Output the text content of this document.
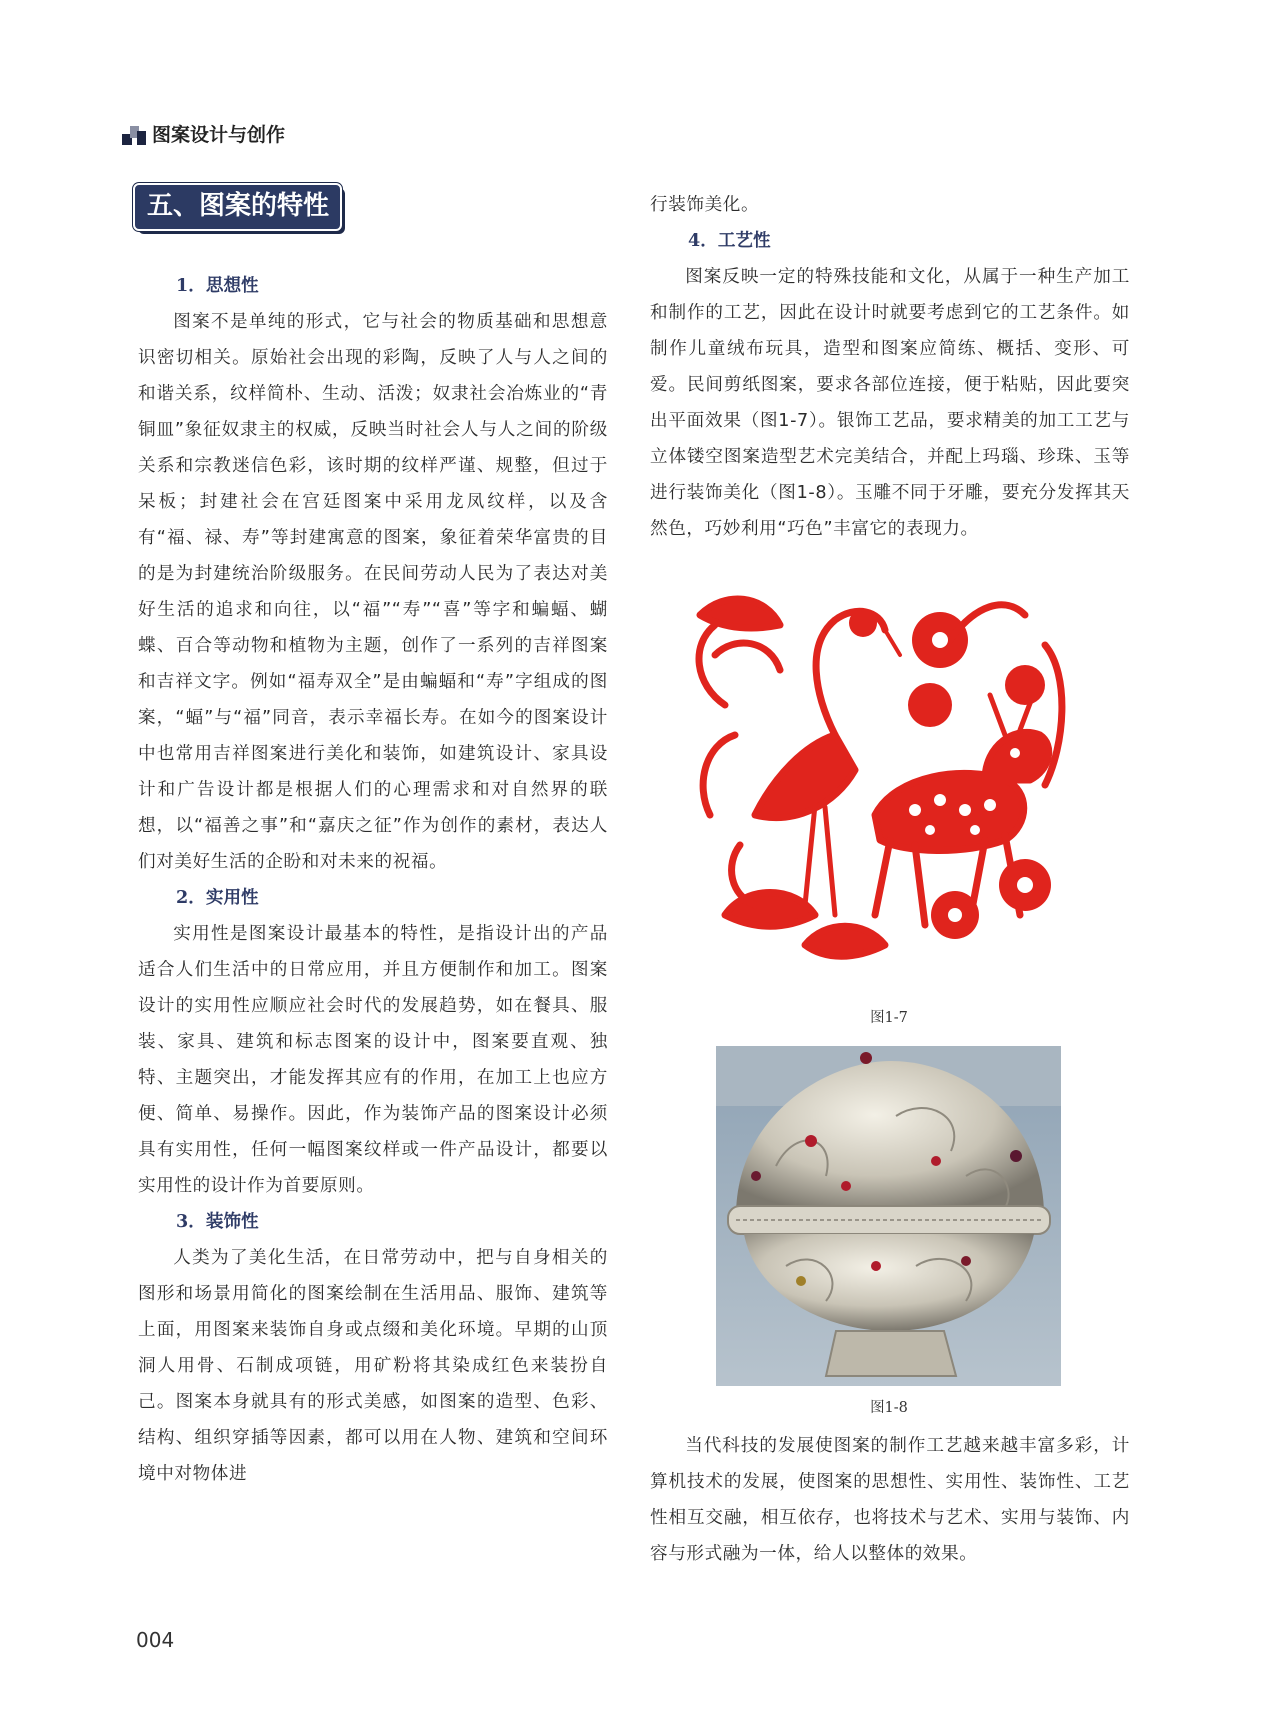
图案设计与创作
五、图案的特性
1．思想性

图案不是单纯的形式，它与社会的物质基础和思想意识密切相关。原始社会出现的彩陶，反映了人与人之间的和谐关系，纹样简朴、生动、活泼；奴隶社会冶炼业的“青铜皿”象征奴隶主的权威，反映当时社会人与人之间的阶级关系和宗教迷信色彩，该时期的纹样严谨、规整，但过于呆板；封建社会在宫廷图案中采用龙凤纹样，以及含有“福、禄、寿”等封建寓意的图案，象征着荣华富贵的目的是为封建统治阶级服务。在民间劳动人民为了表达对美好生活的追求和向往，以“福”“寿”“喜”等字和蝙蝠、蝴蝶、百合等动物和植物为主题，创作了一系列的吉祥图案和吉祥文字。例如“福寿双全”是由蝙蝠和“寿”字组成的图案，“蝠”与“福”同音，表示幸福长寿。在如今的图案设计中也常用吉祥图案进行美化和装饰，如建筑设计、家具设计和广告设计都是根据人们的心理需求和对自然界的联想，以“福善之事”和“嘉庆之征”作为创作的素材，表达人们对美好生活的企盼和对未来的祝福。

2．实用性

实用性是图案设计最基本的特性，是指设计出的产品适合人们生活中的日常应用，并且方便制作和加工。图案设计的实用性应顺应社会时代的发展趋势，如在餐具、服装、家具、建筑和标志图案的设计中，图案要直观、独特、主题突出，才能发挥其应有的作用，在加工上也应方便、简单、易操作。因此，作为装饰产品的图案设计必须具有实用性，任何一幅图案纹样或一件产品设计，都要以实用性的设计作为首要原则。

3．装饰性

人类为了美化生活，在日常劳动中，把与自身相关的图形和场景用简化的图案绘制在生活用品、服饰、建筑等上面，用图案来装饰自身或点缀和美化环境。早期的山顶洞人用骨、石制成项链，用矿粉将其染成红色来装扮自己。图案本身就具有的形式美感，如图案的造型、色彩、结构、组织穿插等因素，都可以用在人物、建筑和空间环境中对物体进

行装饰美化。

4．工艺性

图案反映一定的特殊技能和文化，从属于一种生产加工和制作的工艺，因此在设计时就要考虑到它的工艺条件。如制作儿童绒布玩具，造型和图案应简练、概括、变形、可爱。民间剪纸图案，要求各部位连接，便于粘贴，因此要突出平面效果（图1-7）。银饰工艺品，要求精美的加工工艺与立体镂空图案造型艺术完美结合，并配上玛瑙、珍珠、玉等进行装饰美化（图1-8）。玉雕不同于牙雕，要充分发挥其天然色，巧妙利用“巧色”丰富它的表现力。

图1-7
图1-8

当代科技的发展使图案的制作工艺越来越丰富多彩，计算机技术的发展，使图案的思想性、实用性、装饰性、工艺性相互交融，相互依存，也将技术与艺术、实用与装饰、内容与形式融为一体，给人以整体的效果。

004
